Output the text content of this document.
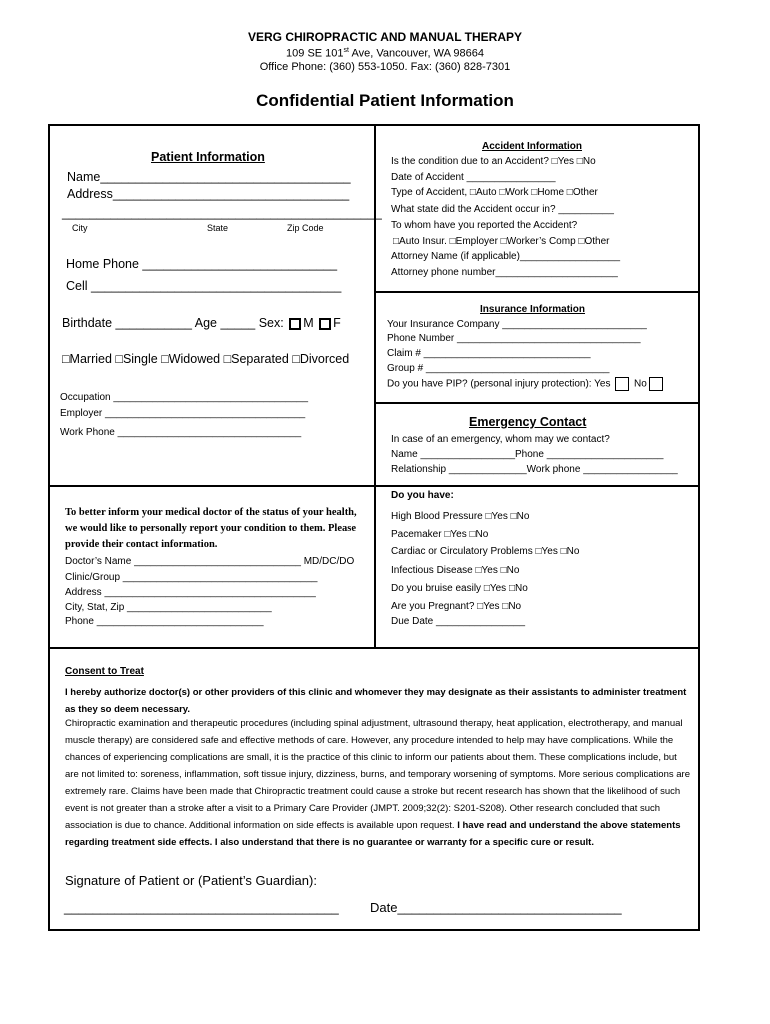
VERG CHIROPRACTIC AND MANUAL THERAPY
109 SE 101st Ave, Vancouver, WA 98664
Office Phone: (360) 553-1050. Fax: (360) 828-7301
Confidential Patient Information
Patient Information
Name____________________________________
Address__________________________________
______________________________________________
City	State	Zip Code
Home Phone ____________________________
Cell ____________________________________
Birthdate ___________ Age _____ Sex: M F
□Married □Single □Widowed □Separated □Divorced
Occupation ___________________________________
Employer ____________________________________
Work Phone _________________________________
Accident Information
Is the condition due to an Accident? □Yes □No
Date of Accident ________________
Type of Accident, □Auto □Work □Home □Other
What state did the Accident occur in? __________
To whom have you reported the Accident?
□Auto Insur. □Employer □Worker’s Comp □Other
Attorney Name (if applicable)__________________
Attorney phone number______________________
Insurance Information
Your Insurance Company __________________________
Phone Number _________________________________
Claim # ______________________________
Group # _________________________________
Do you have PIP? (personal injury protection): Yes No
Emergency Contact
In case of an emergency, whom may we contact?
Name _________________Phone _____________________
Relationship ______________Work phone _________________
To better inform your medical doctor of the status of your health, we would like to personally report your condition to them. Please provide their contact information.
Doctor’s Name ______________________________ MD/DC/DO
Clinic/Group ___________________________________
Address ______________________________________
City, Stat, Zip __________________________
Phone ______________________________
Do you have:
High Blood Pressure □Yes □No
Pacemaker □Yes □No
Cardiac or Circulatory Problems □Yes □No
Infectious Disease □Yes □No
Do you bruise easily □Yes □No
Are you Pregnant? □Yes □No
Due Date ________________
Consent to Treat
I hereby authorize doctor(s) or other providers of this clinic and whomever they may designate as their assistants to administer treatment as they so deem necessary.
Chiropractic examination and therapeutic procedures (including spinal adjustment, ultrasound therapy, heat application, electrotherapy, and manual muscle therapy) are considered safe and effective methods of care. However, any procedure intended to help may have complications. While the chances of experiencing complications are small, it is the practice of this clinic to inform our patients about them. These complications include, but are not limited to: soreness, inflammation, soft tissue injury, dizziness, burns, and temporary worsening of symptoms. More serious complications are extremely rare. Claims have been made that Chiropractic treatment could cause a stroke but recent research has shown that the likelihood of such event is not greater than a stroke after a visit to a Primary Care Provider (JMPT. 2009;32(2): S201-S208). Other research concluded that such association is due to chance. Additional information on side effects is available upon request. I have read and understand the above statements regarding treatment side effects. I also understand that there is no guarantee or warranty for a specific cure or result.
Signature of Patient or (Patient’s Guardian):
______________________________________ Date_______________________________
